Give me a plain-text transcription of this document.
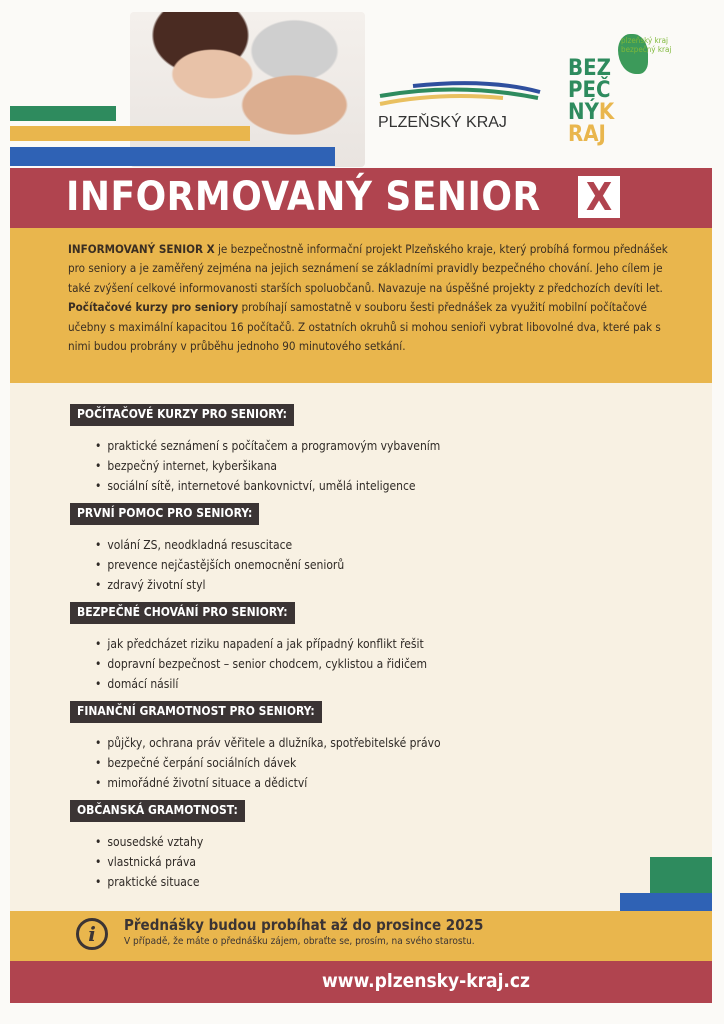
PLZEŇSKÝ KRAJ
plzeňský kraj
bezpečný kraj
BEZ
PEČ
NÝK
RAJ
INFORMOVANÝ SENIOR X
INFORMOVANÝ SENIOR X je bezpečnostně informační projekt Plzeňského kraje, který probíhá formou přednášek pro seniory a je zaměřený zejména na jejich seznámení se základními pravidly bezpečného chování. Jeho cílem je také zvýšení celkové informovanosti starších spoluobčanů. Navazuje na úspěšné projekty z předchozích devíti let. Počítačové kurzy pro seniory probíhají samostatně v souboru šesti přednášek za využití mobilní počítačové učebny s maximální kapacitou 16 počítačů. Z ostatních okruhů si mohou senioři vybrat libovolné dva, které pak s nimi budou probrány v průběhu jednoho 90 minutového setkání.
POČÍTAČOVÉ KURZY PRO SENIORY:
• praktické seznámení s počítačem a programovým vybavením
• bezpečný internet, kyberšikana
• sociální sítě, internetové bankovnictví, umělá inteligence
PRVNÍ POMOC PRO SENIORY:
• volání ZS, neodkladná resuscitace
• prevence nejčastějších onemocnění seniorů
• zdravý životní styl
BEZPEČNÉ CHOVÁNÍ PRO SENIORY:
• jak předcházet riziku napadení a jak případný konflikt řešit
• dopravní bezpečnost – senior chodcem, cyklistou a řidičem
• domácí násilí
FINANČNÍ GRAMOTNOST PRO SENIORY:
• půjčky, ochrana práv věřitele a dlužníka, spotřebitelské právo
• bezpečné čerpání sociálních dávek
• mimořádné životní situace a dědictví
OBČANSKÁ GRAMOTNOST:
• sousedské vztahy
• vlastnická práva
• praktické situace
i	Přednášky budou probíhat až do prosince 2025
V případě, že máte o přednášku zájem, obraťte se, prosím, na svého starostu.
www.plzensky-kraj.cz
